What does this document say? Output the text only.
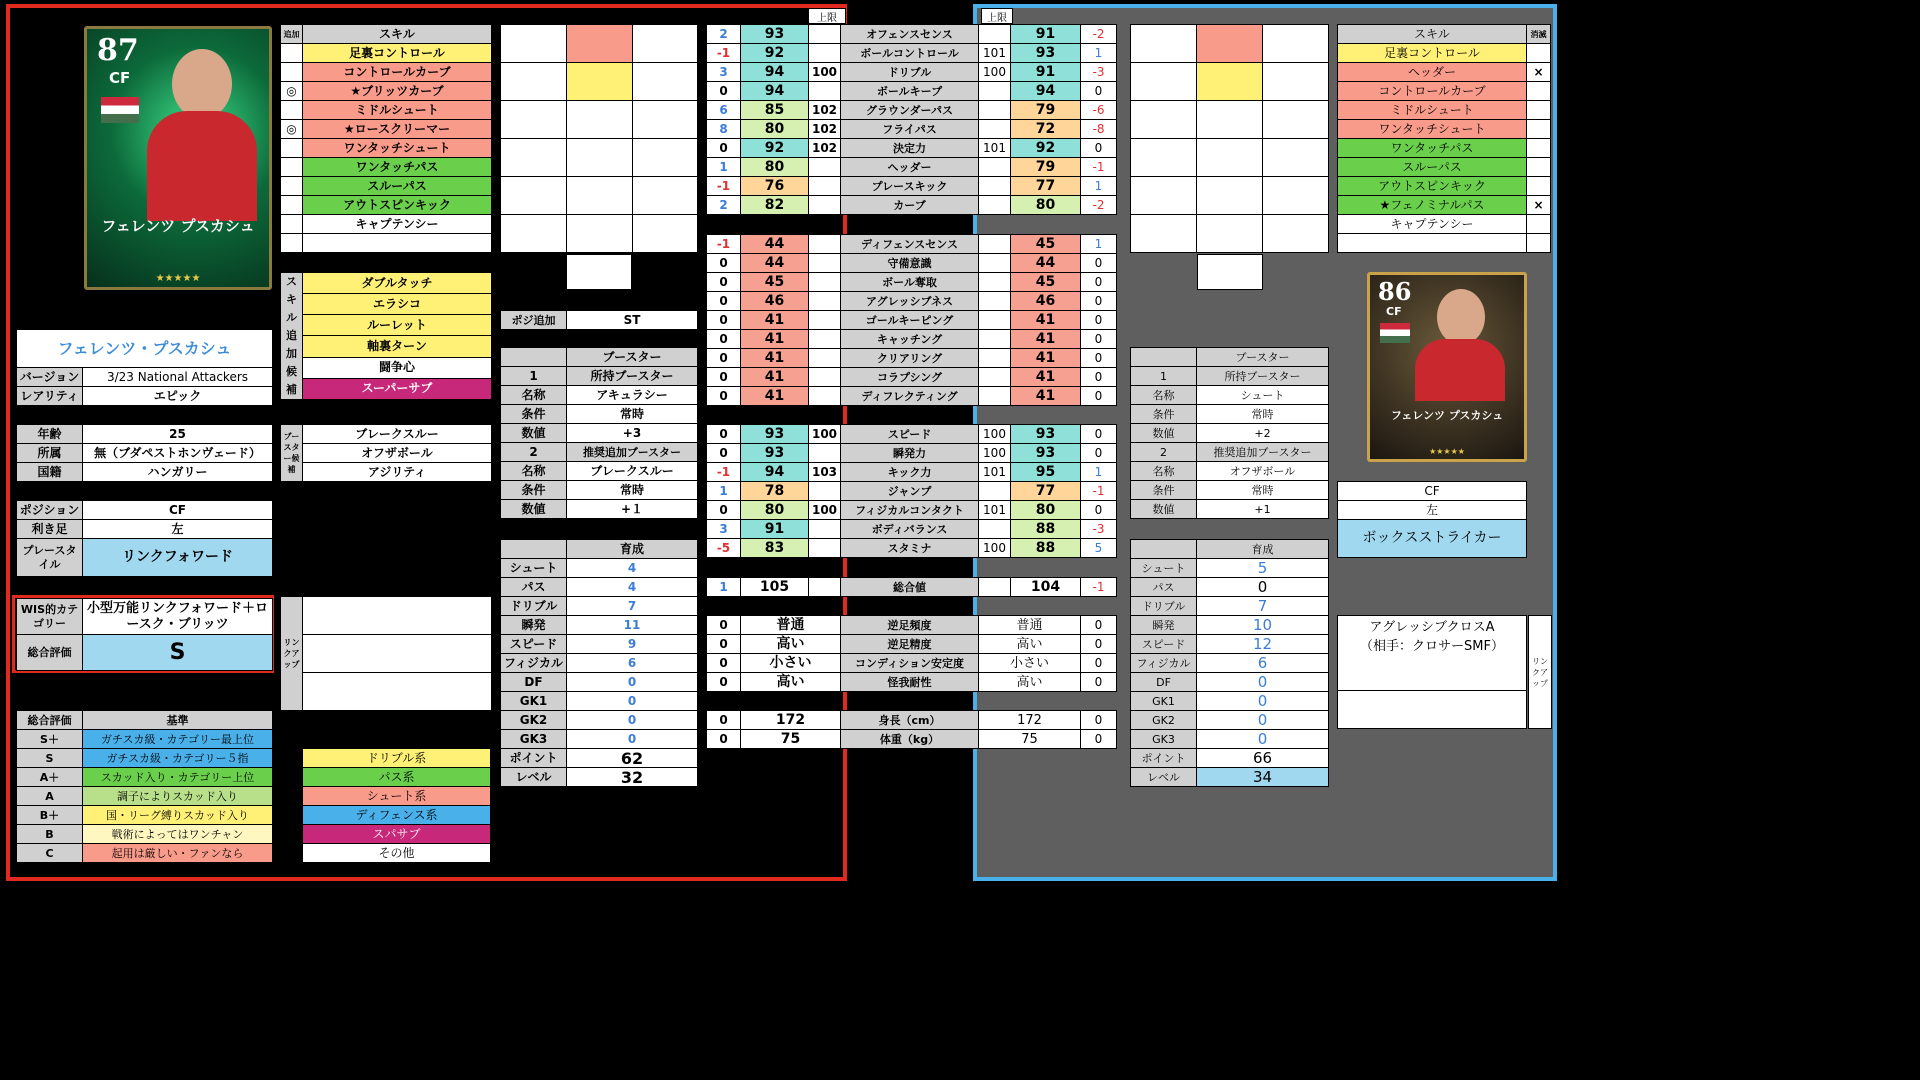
87
CF
フェレンツ プスカシュ
★★★★★
フェレンツ・プスカシュ	
バージョン	3/23 National Attackers
レアリティ	エピック
年齢	25
所属	無（ブダペストホンヴェード）
国籍	ハンガリー
ポジション	CF
利き足	左
プレースタイル	リンクフォワード
WIS的カテゴリー	小型万能リンクフォワード＋ロースク・ブリッツ
総合評価	S
総合評価	基準
S＋	ガチスカ級・カテゴリー最上位
S	ガチスカ級・カテゴリー５指
A＋	スカッド入り・カテゴリー上位
A	調子によりスカッド入り
B＋	国・リーグ縛りスカッド入り
B	戦術によってはワンチャン
C	起用は厳しい・ファンなら
追加	スキル
	足裏コントロール
	コントロールカーブ
◎	★ブリッツカーブ
	ミドルシュート
◎	★ロースクリーマー
	ワンタッチシュート
	ワンタッチパス
	スルーパス
	アウトスピンキック
	キャプテンシー

スキル追加候補	ダブルタッチ
エラシコ
ルーレット
軸裏ターン
闘争心
スーパーサブ
ブースター候補	ブレークスルー
オフザボール
アジリティ
リンクアップ	

ドリブル系
パス系
シュート系
ディフェンス系
スパサブ
その他

ポジ追加	ST
	ブースター
1	所持ブースター
名称	アキュラシー
条件	常時
数値	+3
2	推奨追加ブースター
名称	ブレークスルー
条件	常時
数値	+１
	育成
シュート	4
パス	4
ドリブル	7
瞬発	11
スピード	9
フィジカル	6
DF	0
GK1	0
GK2	0
GK3	0
ポイント	62
レベル	32
上限	上限
2	93		オフェンスセンス		91	-2
-1	92		ボールコントロール	101	93	1
3	94	100	ドリブル	100	91	-3
0	94		ボールキープ		94	0
6	85	102	グラウンダーパス		79	-6
8	80	102	フライパス		72	-8
0	92	102	決定力	101	92	0
1	80		ヘッダー		79	-1
-1	76		プレースキック		77	1
2	82		カーブ		80	-2
-1	44		ディフェンスセンス		45	1
0	44		守備意識		44	0
0	45		ボール奪取		45	0
0	46		アグレッシブネス		46	0
0	41		ゴールキーピング		41	0
0	41		キャッチング		41	0
0	41		クリアリング		41	0
0	41		コラプシング		41	0
0	41		ディフレクティング		41	0
0	93	100	スピード	100	93	0
0	93		瞬発力	100	93	0
-1	94	103	キック力	101	95	1
1	78		ジャンプ		77	-1
0	80	100	フィジカルコンタクト	101	80	0
3	91		ボディバランス		88	-3
-5	83		スタミナ	100	88	5
1	105		総合値		104	-1
0	普通	逆足頻度	普通	0
0	高い	逆足精度	高い	0
0	小さい	コンディション安定度	小さい	0
0	高い	怪我耐性	高い	0
0	172	身長（cm）	172	0
0	75	体重（kg）	75	0

スキル	消滅
足裏コントロール	
ヘッダー	×
コントロールカーブ	
ミドルシュート	
ワンタッチシュート	
ワンタッチパス	
スルーパス	
アウトスピンキック	
★フェノミナルパス	×
キャプテンシー	

86
CF
フェレンツ プスカシュ
★★★★★
	ブースター
1	所持ブースター
名称	シュート
条件	常時
数値	+2
2	推奨追加ブースター
名称	オフザボール
条件	常時
数値	+1
CF
左
ボックスストライカー
	育成
シュート	5
パス	0
ドリブル	7
瞬発	10
スピード	12
フィジカル	6
DF	0
GK1	0
GK2	0
GK3	0
ポイント	66
レベル	34
アグレッシブクロスA
（相手：クロサーSMF）
リンクアップ
